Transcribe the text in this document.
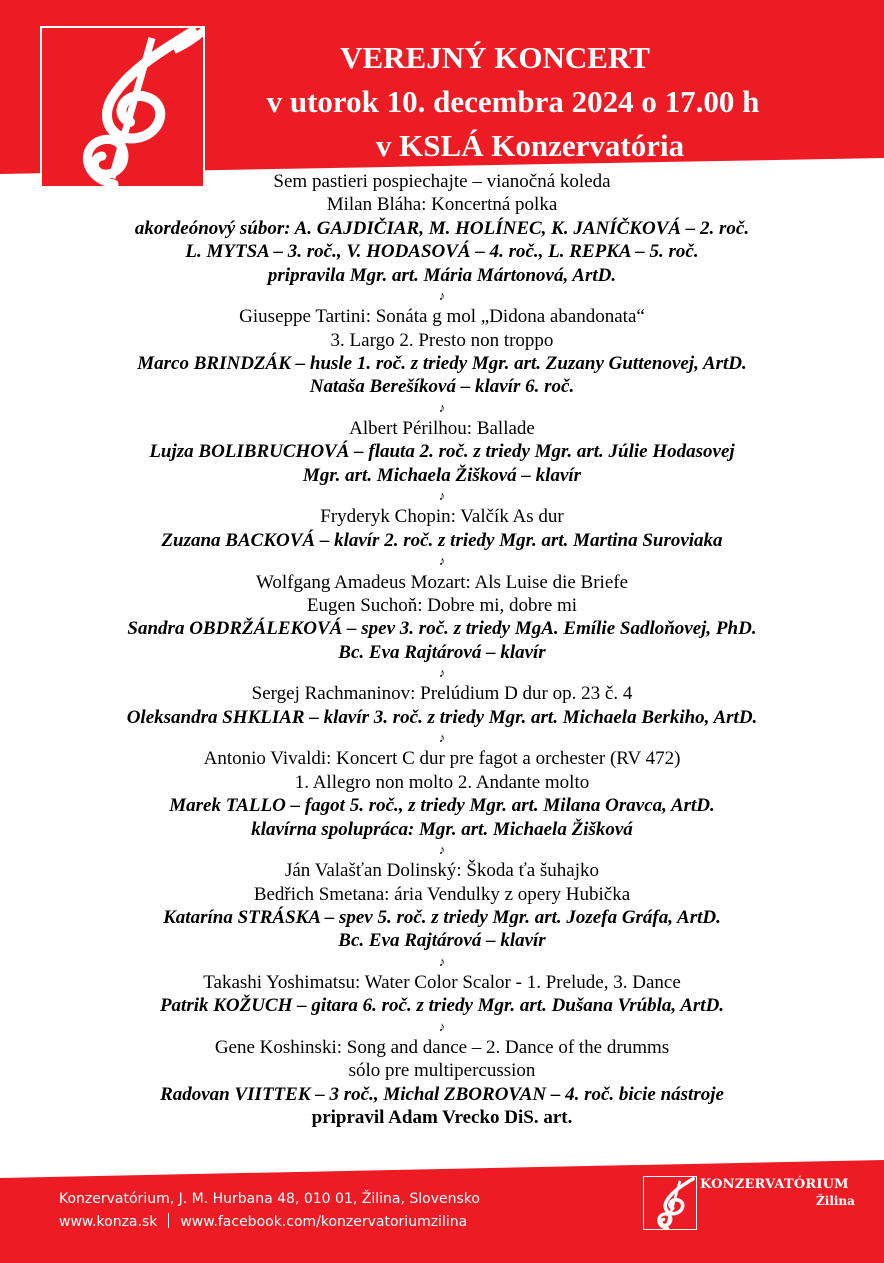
VEREJNÝ KONCERT
v utorok 10. decembra 2024 o 17.00 h
v KSLÁ Konzervatória
Sem pastieri pospiechajte – vianočná koleda
Milan Bláha: Koncertná polka
akordeónový súbor: A. GAJDIČIAR, M. HOLÍNEC, K. JANÍČKOVÁ – 2. roč.
L. MYTSA – 3. roč., V. HODASOVÁ – 4. roč., L. REPKA – 5. roč.
pripravila Mgr. art. Mária Mártonová, ArtD.
♪
Giuseppe Tartini: Sonáta g mol „Didona abandonata“
3. Largo 2. Presto non troppo
Marco BRINDZÁK – husle 1. roč. z triedy Mgr. art. Zuzany Guttenovej, ArtD.
Nataša Berešíková – klavír 6. roč.
♪
Albert Périlhou: Ballade
Lujza BOLIBRUCHOVÁ – flauta 2. roč. z triedy Mgr. art. Júlie Hodasovej
Mgr. art. Michaela Žišková – klavír
♪
Fryderyk Chopin: Valčík As dur
Zuzana BACKOVÁ – klavír 2. roč. z triedy Mgr. art. Martina Suroviaka
♪
Wolfgang Amadeus Mozart: Als Luise die Briefe
Eugen Suchoň: Dobre mi, dobre mi
Sandra OBDRŽÁLEKOVÁ – spev 3. roč. z triedy MgA. Emílie Sadloňovej, PhD.
Bc. Eva Rajtárová – klavír
♪
Sergej Rachmaninov: Prelúdium D dur op. 23 č. 4
Oleksandra SHKLIAR – klavír 3. roč. z triedy Mgr. art. Michaela Berkiho, ArtD.
♪
Antonio Vivaldi: Koncert C dur pre fagot a orchester (RV 472)
1. Allegro non molto 2. Andante molto
Marek TALLO – fagot 5. roč., z triedy Mgr. art. Milana Oravca, ArtD.
klavírna spolupráca: Mgr. art. Michaela Žišková
♪
Ján Valašťan Dolinský: Škoda ťa šuhajko
Bedřich Smetana: ária Vendulky z opery Hubička
Katarína STRÁSKA – spev 5. roč. z triedy Mgr. art. Jozefa Gráfa, ArtD.
Bc. Eva Rajtárová – klavír
♪
Takashi Yoshimatsu: Water Color Scalor - 1. Prelude, 3. Dance
Patrik KOŽUCH – gitara 6. roč. z triedy Mgr. art. Dušana Vrúbla, ArtD.
♪
Gene Koshinski: Song and dance – 2. Dance of the drumms
sólo pre multipercussion
Radovan VIITTEK – 3 roč., Michal ZBOROVAN – 4. roč. bicie nástroje
pripravil Adam Vrecko DiS. art.
Konzervatórium, J. M. Hurbana 48, 010 01, Žilina, Slovensko
www.konza.sk www.facebook.com/konzervatoriumzilina
KONZERVATÓRIUM
Žilina
